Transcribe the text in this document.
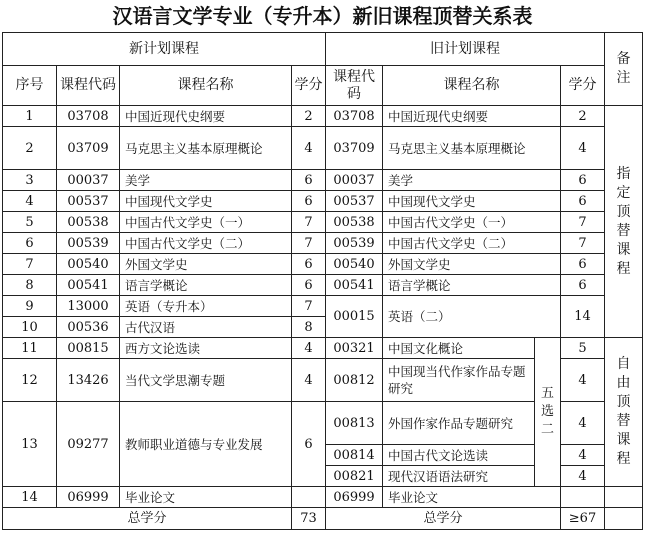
汉语言文学专业（专升本）新旧课程顶替关系表
新计划课程				旧计划课程				备注
序号	课程代码	课程名称	学分	课程代码	课程名称		学分	
1	03708	中国近现代史纲要	2	03708	中国近现代史纲要		2	指定顶替课程
2	03709	马克思主义基本原理概论	4	03709	马克思主义基本原理概论		4	
3	00037	美学	6	00037	美学		6	
4	00537	中国现代文学史	6	00537	中国现代文学史		6	
5	00538	中国古代文学史（一）	7	00538	中国古代文学史（一）		7	
6	00539	中国古代文学史（二）	7	00539	中国古代文学史（二）		7	
7	00540	外国文学史	6	00540	外国文学史		6	
8	00541	语言学概论	6	00541	语言学概论		6	
9	13000	英语（专升本）	7	00015	英语（二）		14	
10	00536	古代汉语	8					
11	00815	西方文论选读	4	00321	中国文化概论	五选二	5	自由顶替课程
12	13426	当代文学思潮专题	4	00812	中国现当代作家作品专题研究		4	
13	09277	教师职业道德与专业发展	6	00813	外国作家作品专题研究		4	
				00814	中国古代文论选读		4	
				00821	现代汉语语法研究		4	
14	06999	毕业论文		06999	毕业论文			
总学分			73	总学分			≥67	
